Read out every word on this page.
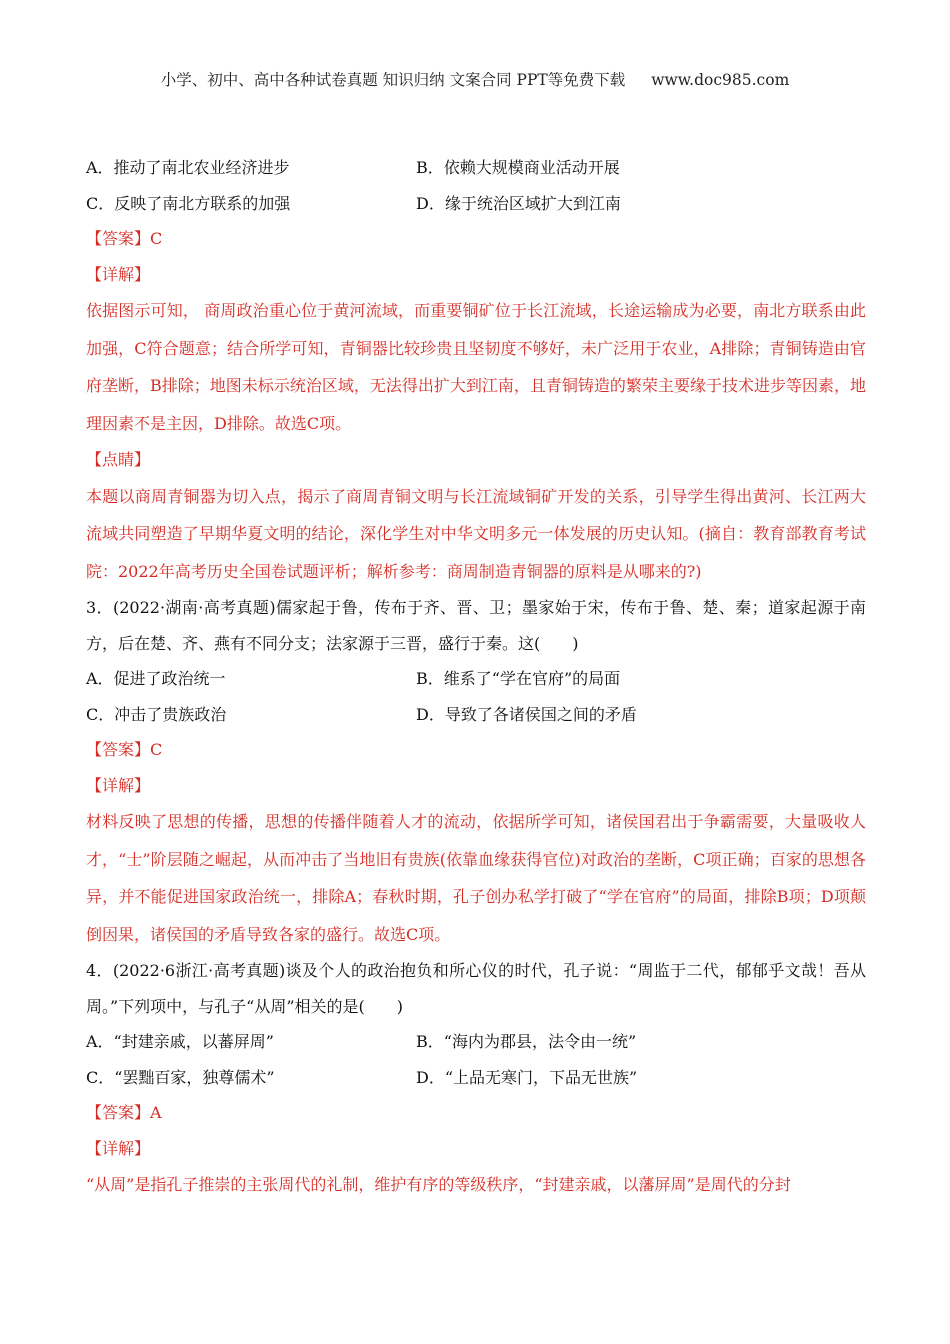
小学、初中、高中各种试卷真题 知识归纳 文案合同 PPT等免费下载 www.doc985.com
A．推动了南北农业经济进步	B．依赖大规模商业活动开展
C．反映了南北方联系的加强	D．缘于统治区域扩大到江南
【答案】C
【详解】
依据图示可知， 商周政治重心位于黄河流域，而重要铜矿位于长江流域，长途运输成为必要，南北方联系由此加强，C符合题意；结合所学可知，青铜器比较珍贵且坚韧度不够好，未广泛用于农业，A排除；青铜铸造由官府垄断，B排除；地图未标示统治区域，无法得出扩大到江南，且青铜铸造的繁荣主要缘于技术进步等因素，地理因素不是主因，D排除。故选C项。
【点睛】
本题以商周青铜器为切入点，揭示了商周青铜文明与长江流域铜矿开发的关系，引导学生得出黄河、长江两大流域共同塑造了早期华夏文明的结论，深化学生对中华文明多元一体发展的历史认知。(摘自：教育部教育考试院：2022年高考历史全国卷试题评析；解析参考：商周制造青铜器的原料是从哪来的?)
3．(2022·湖南·高考真题)儒家起于鲁，传布于齐、晋、卫；墨家始于宋，传布于鲁、楚、秦；道家起源于南方，后在楚、齐、燕有不同分支；法家源于三晋，盛行于秦。这(　　)
A．促进了政治统一	B．维系了“学在官府”的局面
C．冲击了贵族政治	D．导致了各诸侯国之间的矛盾
【答案】C
【详解】
材料反映了思想的传播，思想的传播伴随着人才的流动，依据所学可知，诸侯国君出于争霸需要，大量吸收人才，“士”阶层随之崛起，从而冲击了当地旧有贵族(依靠血缘获得官位)对政治的垄断，C项正确；百家的思想各异，并不能促进国家政治统一，排除A；春秋时期，孔子创办私学打破了“学在官府”的局面，排除B项；D项颠倒因果，诸侯国的矛盾导致各家的盛行。故选C项。
4．(2022·6浙江·高考真题)谈及个人的政治抱负和所心仪的时代，孔子说：“周监于二代，郁郁乎文哉！吾从周。”下列项中，与孔子“从周”相关的是(　　)
A．“封建亲戚，以蕃屏周”	B．“海内为郡县，法令由一统”
C．“罢黜百家，独尊儒术”	D．“上品无寒门，下品无世族”
【答案】A
【详解】
“从周”是指孔子推崇的主张周代的礼制，维护有序的等级秩序，“封建亲戚，以藩屏周”是周代的分封
